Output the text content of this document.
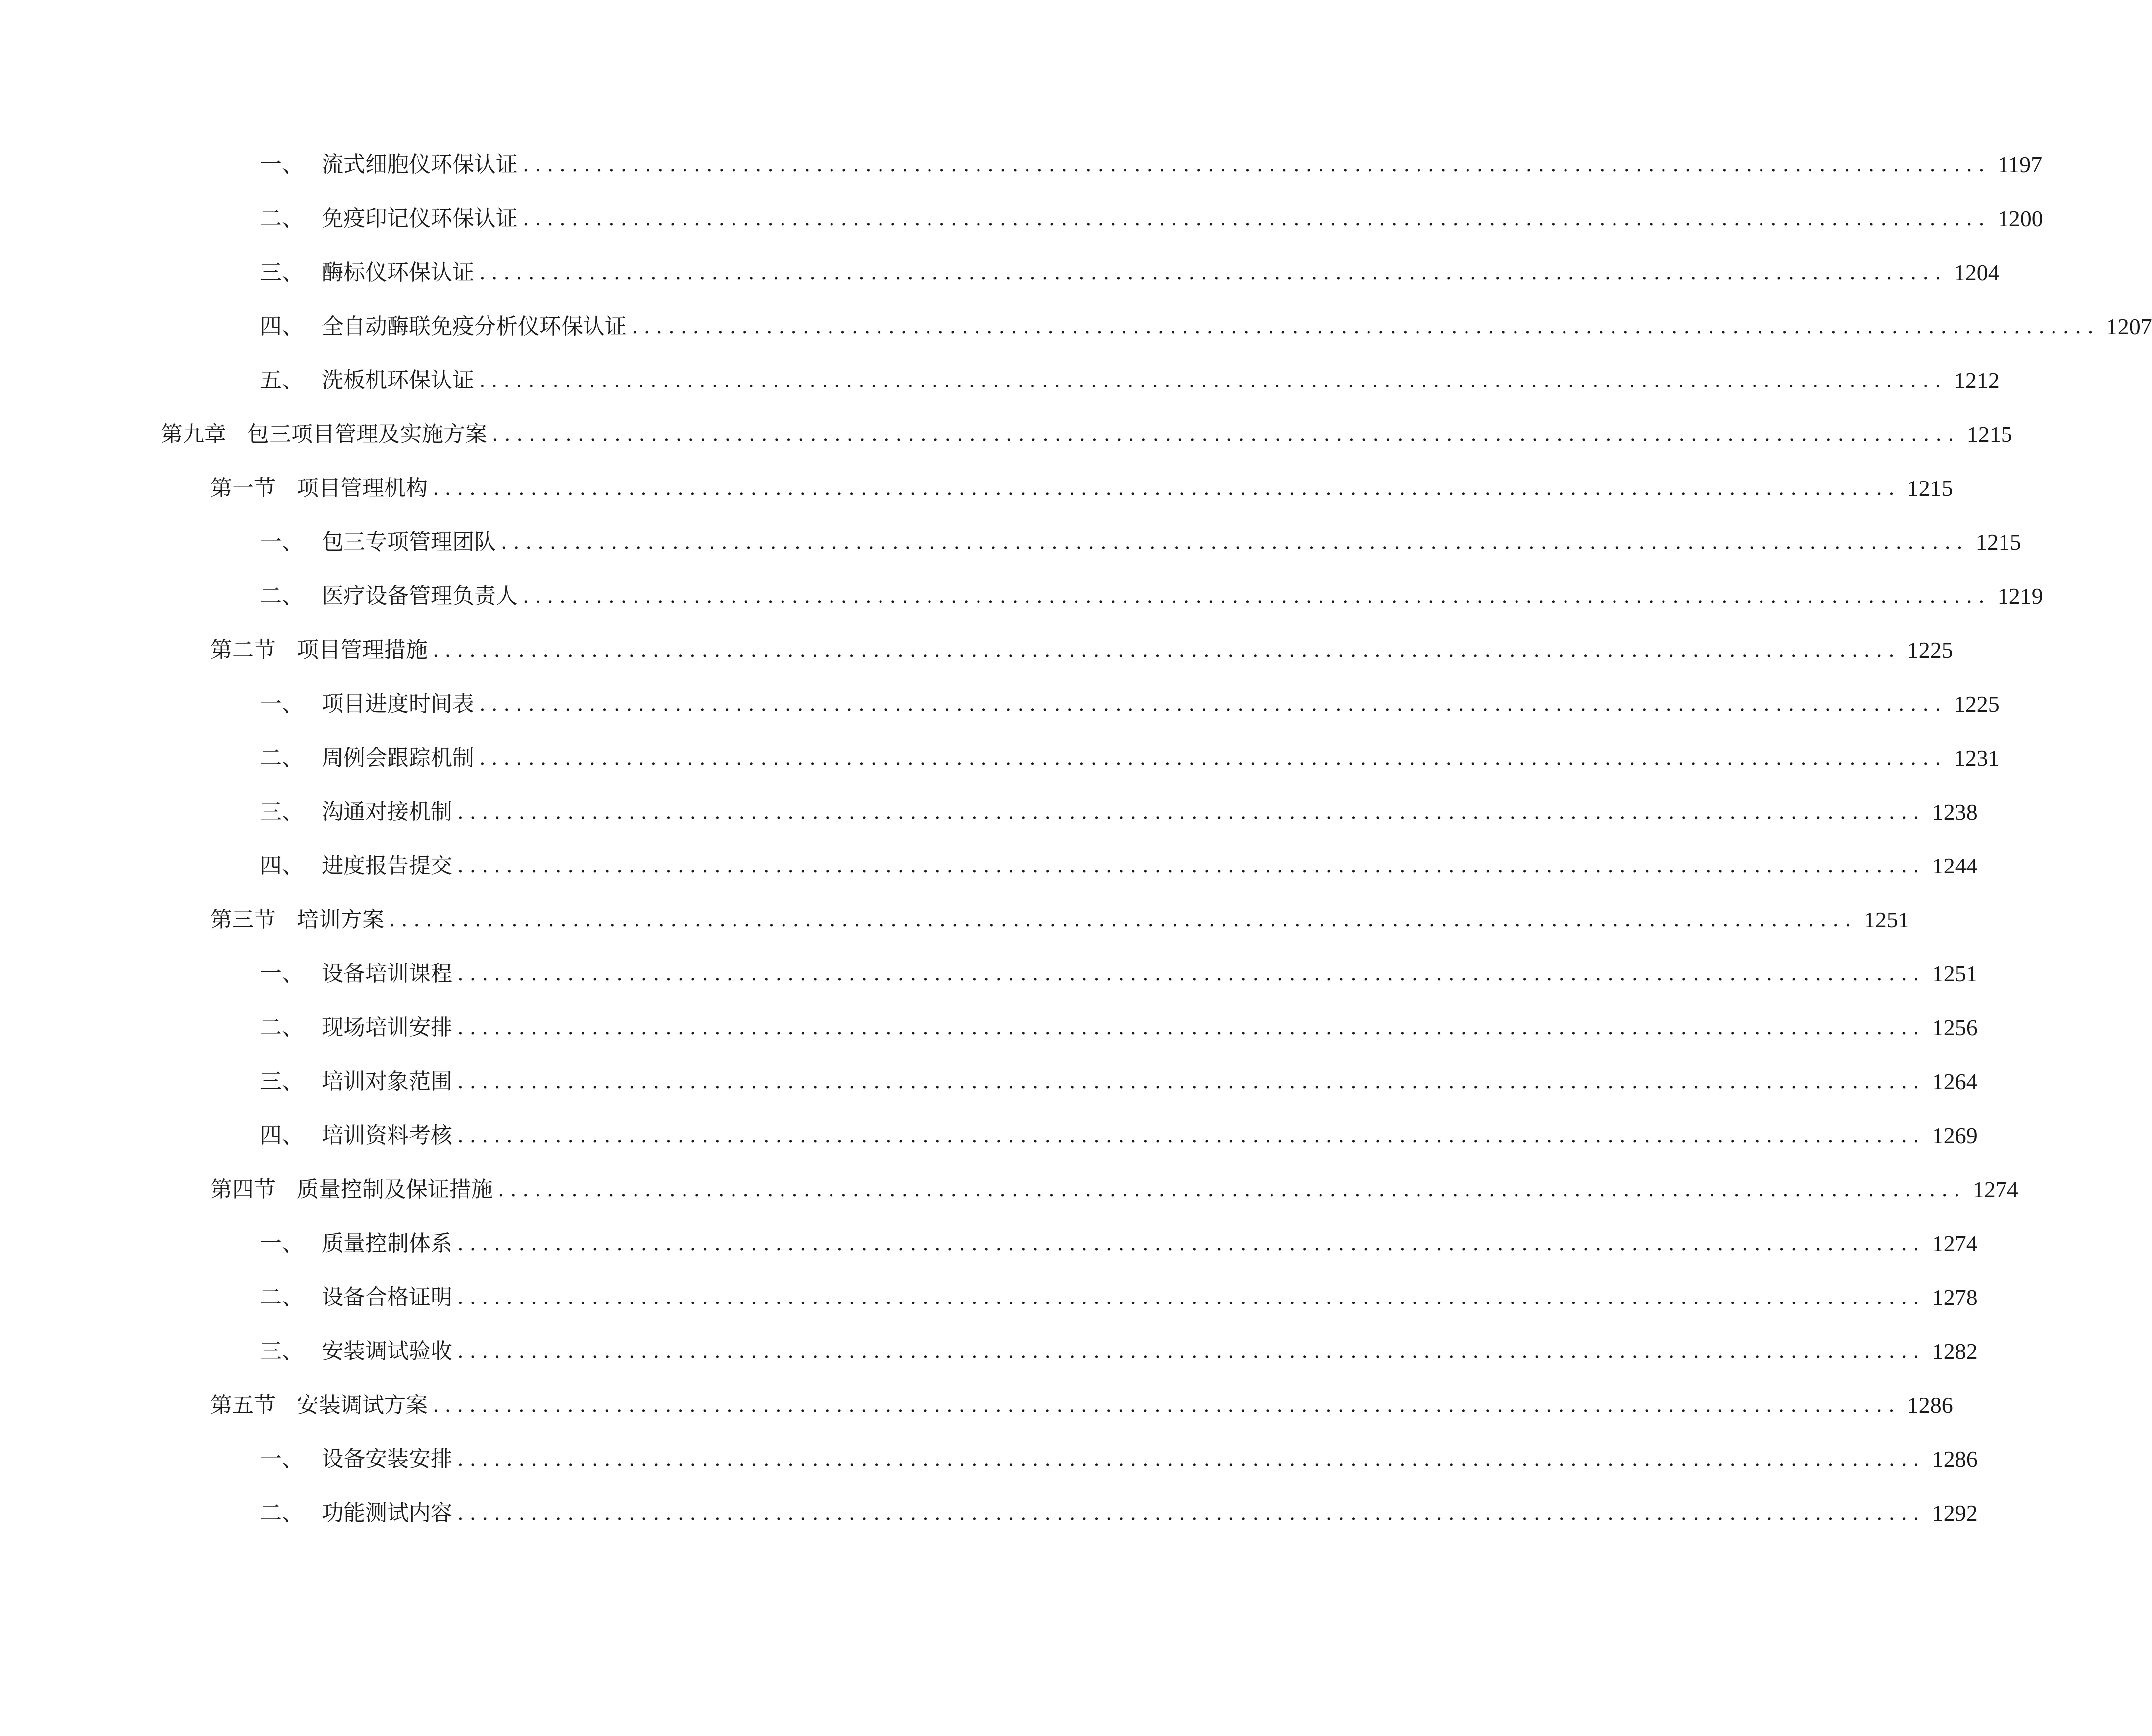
一、 流式细胞仪环保认证 ........................................................................................................................ 1197
二、 免疫印记仪环保认证 ........................................................................................................................ 1200
三、 酶标仪环保认证 ........................................................................................................................ 1204
四、 全自动酶联免疫分析仪环保认证 ........................................................................................................................ 1207
五、 洗板机环保认证 ........................................................................................................................ 1212
第九章 包三项目管理及实施方案 ........................................................................................................................ 1215
第一节 项目管理机构 ........................................................................................................................ 1215
一、 包三专项管理团队 ........................................................................................................................ 1215
二、 医疗设备管理负责人 ........................................................................................................................ 1219
第二节 项目管理措施 ........................................................................................................................ 1225
一、 项目进度时间表 ........................................................................................................................ 1225
二、 周例会跟踪机制 ........................................................................................................................ 1231
三、 沟通对接机制 ........................................................................................................................ 1238
四、 进度报告提交 ........................................................................................................................ 1244
第三节 培训方案 ........................................................................................................................ 1251
一、 设备培训课程 ........................................................................................................................ 1251
二、 现场培训安排 ........................................................................................................................ 1256
三、 培训对象范围 ........................................................................................................................ 1264
四、 培训资料考核 ........................................................................................................................ 1269
第四节 质量控制及保证措施 ........................................................................................................................ 1274
一、 质量控制体系 ........................................................................................................................ 1274
二、 设备合格证明 ........................................................................................................................ 1278
三、 安装调试验收 ........................................................................................................................ 1282
第五节 安装调试方案 ........................................................................................................................ 1286
一、 设备安装安排 ........................................................................................................................ 1286
二、 功能测试内容 ........................................................................................................................ 1292
